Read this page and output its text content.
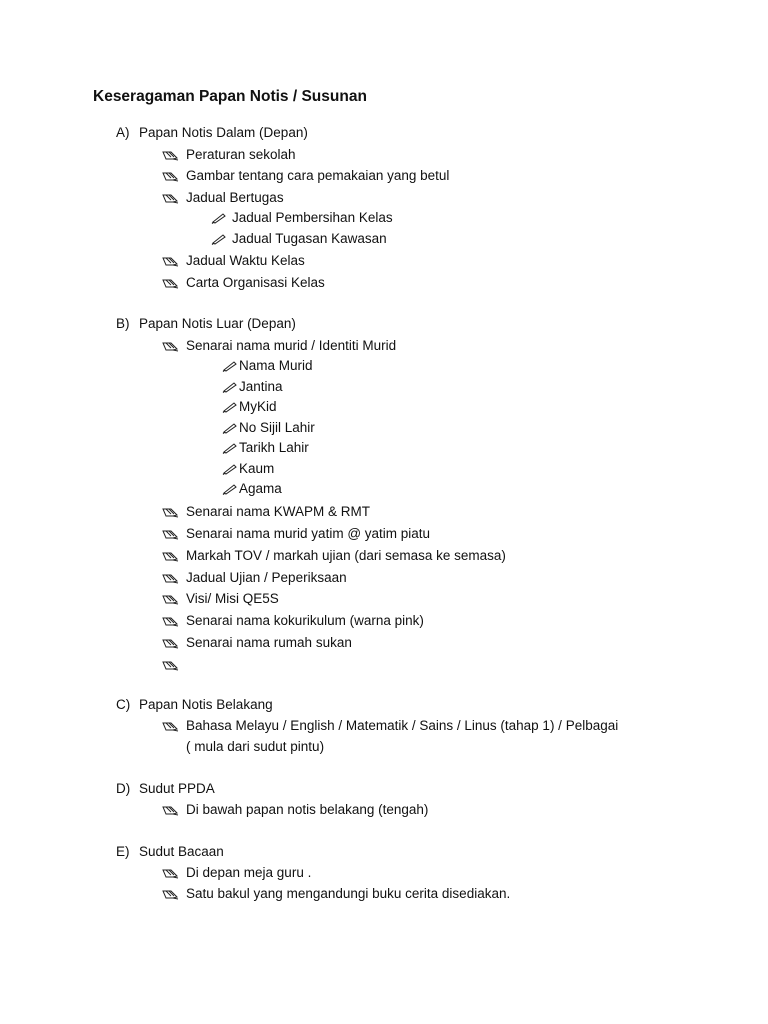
Keseragaman Papan Notis / Susunan
A) Papan Notis Dalam (Depan)
Peraturan sekolah
Gambar tentang cara pemakaian yang betul
Jadual Bertugas
Jadual Pembersihan Kelas
Jadual Tugasan Kawasan
Jadual Waktu Kelas
Carta Organisasi Kelas
B) Papan Notis Luar (Depan)
Senarai nama murid / Identiti Murid
Nama Murid
Jantina
MyKid
No Sijil Lahir
Tarikh Lahir
Kaum
Agama
Senarai nama KWAPM & RMT
Senarai nama murid yatim @ yatim piatu
Markah TOV / markah ujian (dari semasa ke semasa)
Jadual Ujian / Peperiksaan
Visi/ Misi QE5S
Senarai nama kokurikulum (warna pink)
Senarai nama rumah sukan
C) Papan Notis Belakang
Bahasa Melayu / English / Matematik / Sains / Linus (tahap 1) / Pelbagai
( mula dari sudut pintu)
D) Sudut PPDA
Di bawah papan notis belakang (tengah)
E) Sudut Bacaan
Di depan meja guru .
Satu bakul yang mengandungi buku cerita disediakan.
